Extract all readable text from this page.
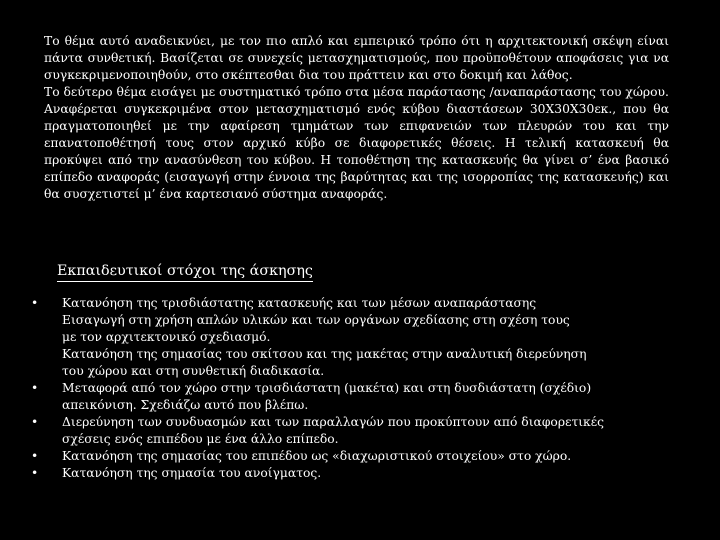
Το θέμα αυτό αναδεικνύει, με τον πιο απλό και εμπειρικό τρόπο ότι η αρχιτεκτονική σκέψη είναι πάντα συνθετική. Βασίζεται σε συνεχείς μετασχηματισμούς, που προϋποθέτουν αποφάσεις για να συγκεκριμενοποιηθούν, στο σκέπτεσθαι δια του πράττειν και στο δοκιμή και λάθος.

Το δεύτερο θέμα εισάγει με συστηματικό τρόπο στα μέσα παράστασης /αναπαράστασης του χώρου.

Αναφέρεται συγκεκριμένα στον μετασχηματισμό ενός κύβου διαστάσεων 30Χ30Χ30εκ., που θα πραγματοποιηθεί με την αφαίρεση τμημάτων των επιφανειών των πλευρών του και την επανατοποθέτησή τους στον αρχικό κύβο σε διαφορετικές θέσεις. Η τελική κατασκευή θα προκύψει από την ανασύνθεση του κύβου. Η τοποθέτηση της κατασκευής θα γίνει σ’ ένα βασικό επίπεδο αναφοράς (εισαγωγή στην έννοια της βαρύτητας και της ισορροπίας της κατασκευής) και θα συσχετιστεί μ’ ένα καρτεσιανό σύστημα αναφοράς.

Εκπαιδευτικοί στόχοι της άσκησης
•	Κατανόηση της τρισδιάστατης κατασκευής και των μέσων αναπαράστασης
Εισαγωγή στη χρήση απλών υλικών και των οργάνων σχεδίασης στη σχέση τους
με τον αρχιτεκτονικό σχεδιασμό.
Κατανόηση της σημασίας του σκίτσου και της μακέτας στην αναλυτική διερεύνηση
του χώρου και στη συνθετική διαδικασία.
•	Μεταφορά από τον χώρο στην τρισδιάστατη (μακέτα) και στη δυσδιάστατη (σχέδιο)
απεικόνιση. Σχεδιάζω αυτό που βλέπω.
•	Διερεύνηση των συνδυασμών και των παραλλαγών που προκύπτουν από διαφορετικές
σχέσεις ενός επιπέδου με ένα άλλο επίπεδο.
•	Κατανόηση της σημασίας του επιπέδου ως «διαχωριστικού στοιχείου» στο χώρο.
•	Κατανόηση της σημασία του ανοίγματος.
